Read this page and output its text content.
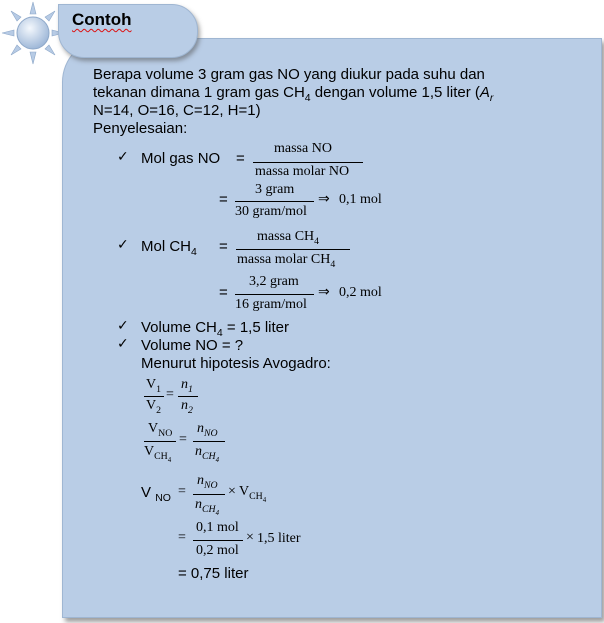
Contoh
Berapa volume 3 gram gas NO yang diukur pada suhu dan
tekanan dimana 1 gram gas $CH_4$ dengan volume 1,5 liter ($A_r$
N=14, O=16, C=12, H=1)
Penyelesaian:
✓ Mol gas NO =
massa NO
massa molar NO
=
3 gram
30 gram/mol
⇒ 0,1 mol
✓ Mol $CH_4$ =
massa $CH_4$
massa molar $CH_4$
=
3,2 gram
16 gram/mol
⇒ 0,2 mol
✓ Volume $CH_4 = 1,5$ liter
✓ Volume NO = ?
Menurut hipotesis Avogadro:
$V_1$
$V_2$
=
$n_1$
$n_2$
$V_{NO}$
$V_{CH_4}$
=
$n_{NO}$
$n_{CH_4}$
V $_{NO}$ =
$n_{NO}$
$n_{CH_4}$
× $V_{CH_4}$
=
0,1 mol
0,2 mol
× 1,5 liter
= 0,75 liter
